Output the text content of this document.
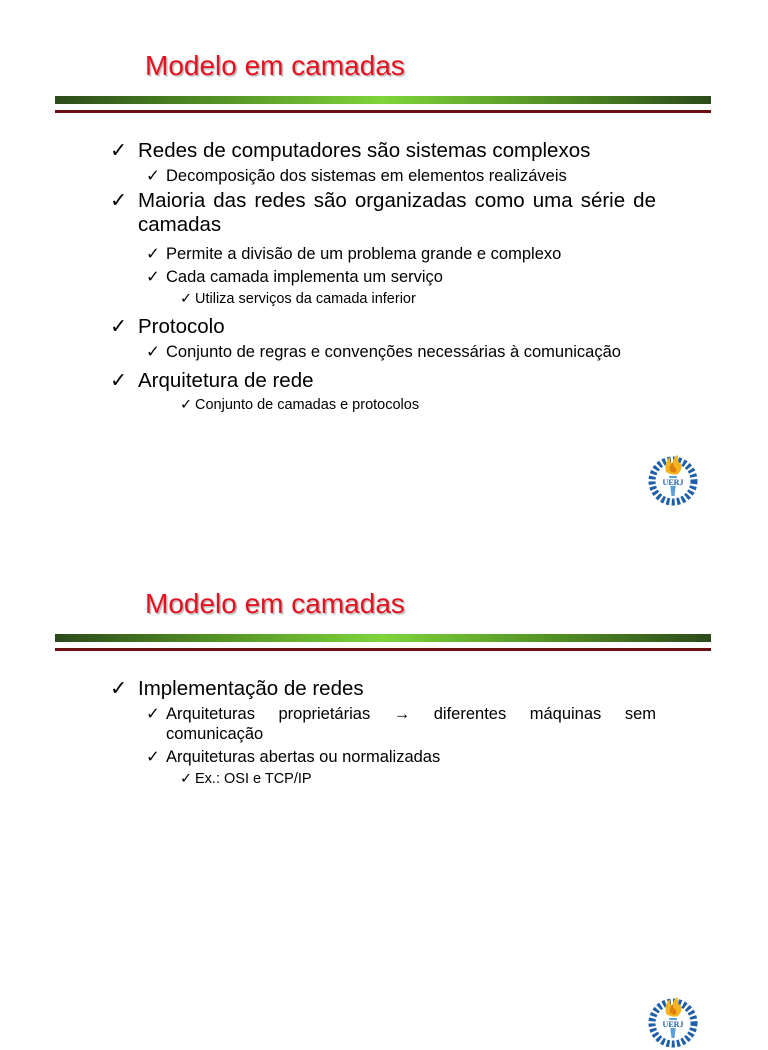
Modelo em camadas
✓ Redes de computadores são sistemas complexos
✓ Decomposição dos sistemas em elementos realizáveis
✓ Maioria das redes são organizadas como uma série de camadas
✓ Permite a divisão de um problema grande e complexo
✓ Cada camada implementa um serviço
✓ Utiliza serviços da camada inferior
✓ Protocolo
✓ Conjunto de regras e convenções necessárias à comunicação
✓ Arquitetura de rede
✓ Conjunto de camadas e protocolos
UERJ
Modelo em camadas
✓ Implementação de redes
✓ Arquiteturas proprietárias → diferentes máquinas sem comunicação
✓ Arquiteturas abertas ou normalizadas
✓ Ex.: OSI e TCP/IP
UERJ
